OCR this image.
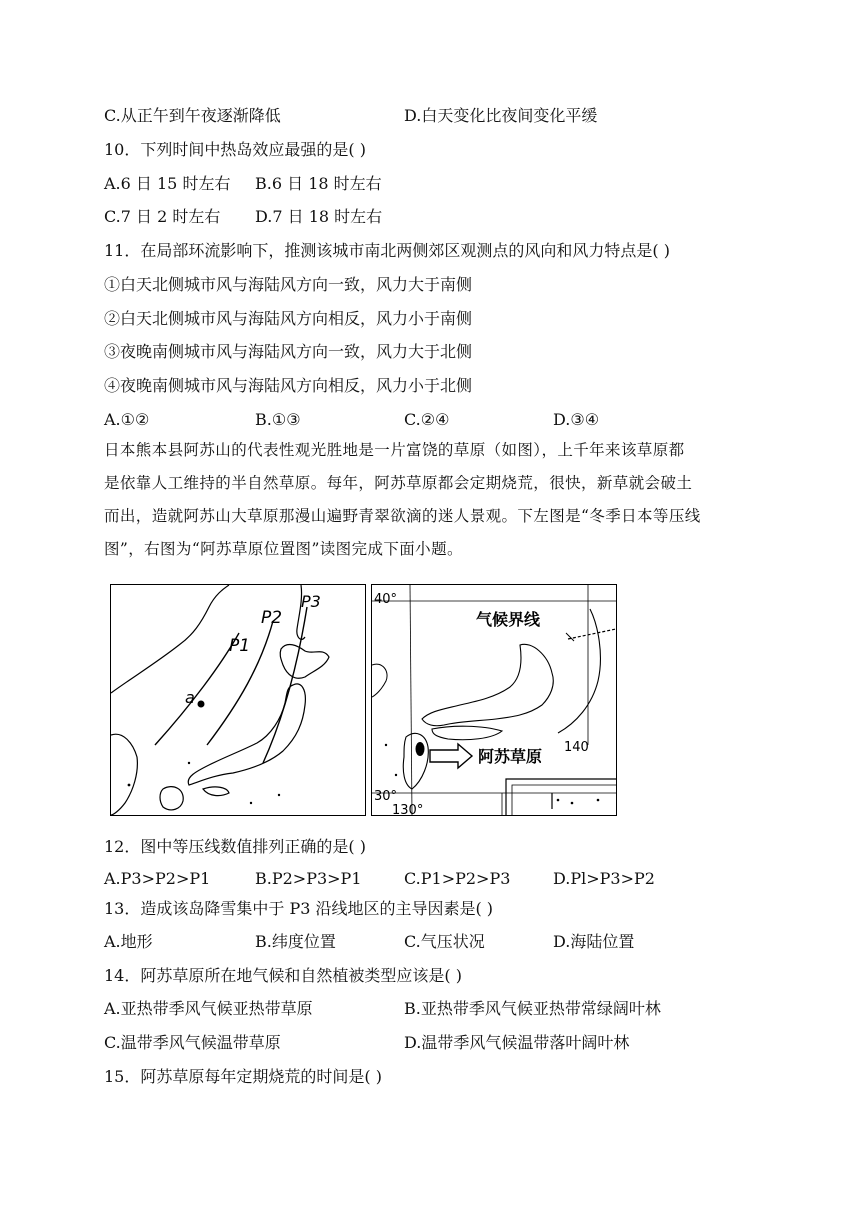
C.从正午到午夜逐渐降低	D.白天变化比夜间变化平缓
10．下列时间中热岛效应最强的是( )
A.6 日 15 时左右 B.6 日 18 时左右
C.7 日 2 时左右 D.7 日 18 时左右
11．在局部环流影响下，推测该城市南北两侧郊区观测点的风向和风力特点是( )
①白天北侧城市风与海陆风方向一致，风力大于南侧
②白天北侧城市风与海陆风方向相反，风力小于南侧
③夜晚南侧城市风与海陆风方向一致，风力大于北侧
④夜晚南侧城市风与海陆风方向相反，风力小于北侧
A.①②	B.①③	C.②④	D.③④
日本熊本县阿苏山的代表性观光胜地是一片富饶的草原（如图），上千年来该草原都
是依靠人工维持的半自然草原。每年，阿苏草原都会定期烧荒，很快，新草就会破土
而出，造就阿苏山大草原那漫山遍野青翠欲滴的迷人景观。下左图是“冬季日本等压线
图”，右图为“阿苏草原位置图”读图完成下面小题。
P1
P2
P3
a
40°
30°
130°
140
气候界线
阿苏草原
12．图中等压线数值排列正确的是( )
A.P3>P2>P1	B.P2>P3>P1	C.P1>P2>P3	D.Pl>P3>P2
13．造成该岛降雪集中于 P3 沿线地区的主导因素是( )
A.地形	B.纬度位置	C.气压状况	D.海陆位置
14．阿苏草原所在地气候和自然植被类型应该是( )
A.亚热带季风气候亚热带草原	B.亚热带季风气候亚热带常绿阔叶林
C.温带季风气候温带草原	D.温带季风气候温带落叶阔叶林
15．阿苏草原每年定期烧荒的时间是( )
